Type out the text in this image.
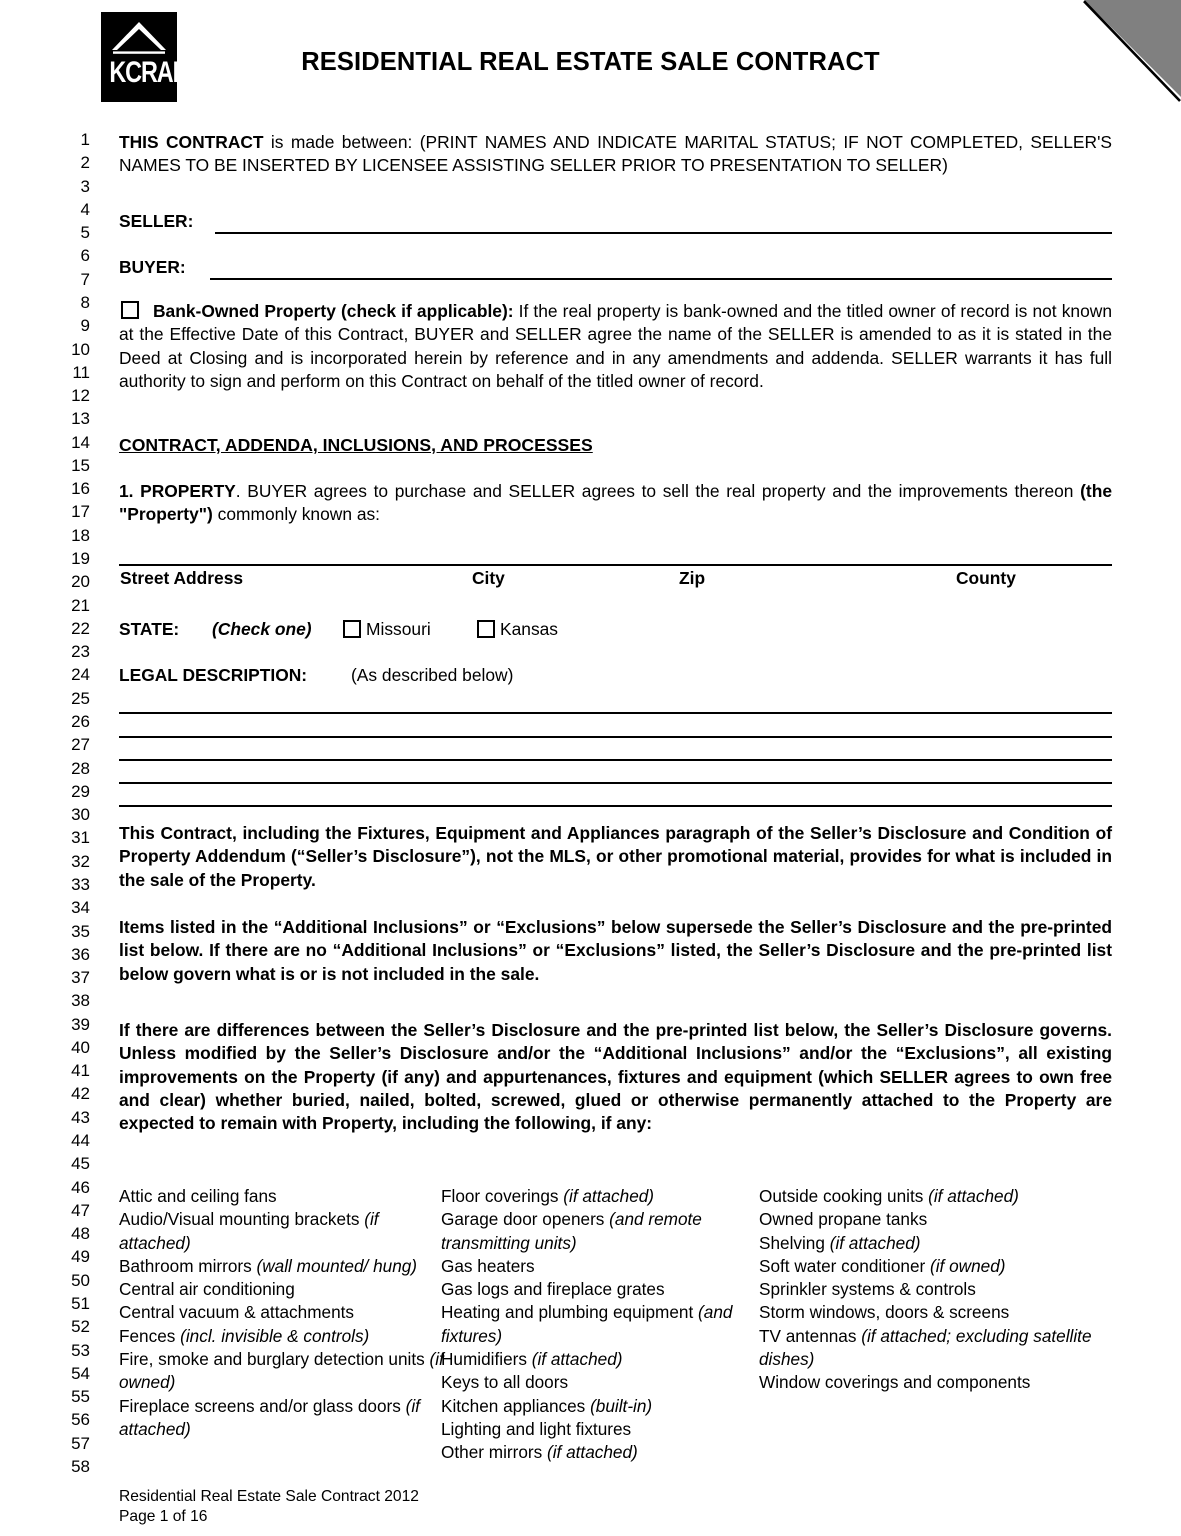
KCRAR	RESIDENTIAL REAL ESTATE SALE CONTRACT
1
2
3
4
5
6
7
8
9
10
11
12
13
14
15
16
17
18
19
20
21
22
23
24
25
26
27
28
29
30
31
32
33
34
35
36
37
38
39
40
41
42
43
44
45
46
47
48
49
50
51
52
53
54
55
56
57
58
THIS CONTRACT is made between: (PRINT NAMES AND INDICATE MARITAL STATUS; IF NOT COMPLETED, SELLER'S NAMES TO BE INSERTED BY LICENSEE ASSISTING SELLER PRIOR TO PRESENTATION TO SELLER)
SELLER:
BUYER:
Bank-Owned Property (check if applicable): If the real property is bank-owned and the titled owner of record is not known at the Effective Date of this Contract, BUYER and SELLER agree the name of the SELLER is amended to as it is stated in the Deed at Closing and is incorporated herein by reference and in any amendments and addenda. SELLER warrants it has full authority to sign and perform on this Contract on behalf of the titled owner of record.
CONTRACT, ADDENDA, INCLUSIONS, AND PROCESSES
1. PROPERTY. BUYER agrees to purchase and SELLER agrees to sell the real property and the improvements thereon (the "Property") commonly known as:
Street Address	City	Zip	County
STATE: (Check one)	Missouri	Kansas
LEGAL DESCRIPTION:	(As described below)
This Contract, including the Fixtures, Equipment and Appliances paragraph of the Seller’s Disclosure and Condition of Property Addendum (“Seller’s Disclosure”), not the MLS, or other promotional material, provides for what is included in the sale of the Property.
Items listed in the “Additional Inclusions” or “Exclusions” below supersede the Seller’s Disclosure and the pre-printed list below. If there are no “Additional Inclusions” or “Exclusions” listed, the Seller’s Disclosure and the pre-printed list below govern what is or is not included in the sale.
If there are differences between the Seller’s Disclosure and the pre-printed list below, the Seller’s Disclosure governs. Unless modified by the Seller’s Disclosure and/or the “Additional Inclusions” and/or the “Exclusions”, all existing improvements on the Property (if any) and appurtenances, fixtures and equipment (which SELLER agrees to own free and clear) whether buried, nailed, bolted, screwed, glued or otherwise permanently attached to the Property are expected to remain with Property, including the following, if any:
Attic and ceiling fans
Audio/Visual mounting brackets (if attached)
Bathroom mirrors (wall mounted/ hung)
Central air conditioning
Central vacuum & attachments
Fences (incl. invisible & controls)
Fire, smoke and burglary detection units (if owned)
Fireplace screens and/or glass doors (if attached)
Floor coverings (if attached)
Garage door openers (and remote transmitting units)
Gas heaters
Gas logs and fireplace grates
Heating and plumbing equipment (and fixtures)
Humidifiers (if attached)
Keys to all doors
Kitchen appliances (built-in)
Lighting and light fixtures
Other mirrors (if attached)
Outside cooking units (if attached)
Owned propane tanks
Shelving (if attached)
Soft water conditioner (if owned)
Sprinkler systems & controls
Storm windows, doors & screens
TV antennas (if attached; excluding satellite dishes)
Window coverings and components
Residential Real Estate Sale Contract 2012
Page 1 of 16
